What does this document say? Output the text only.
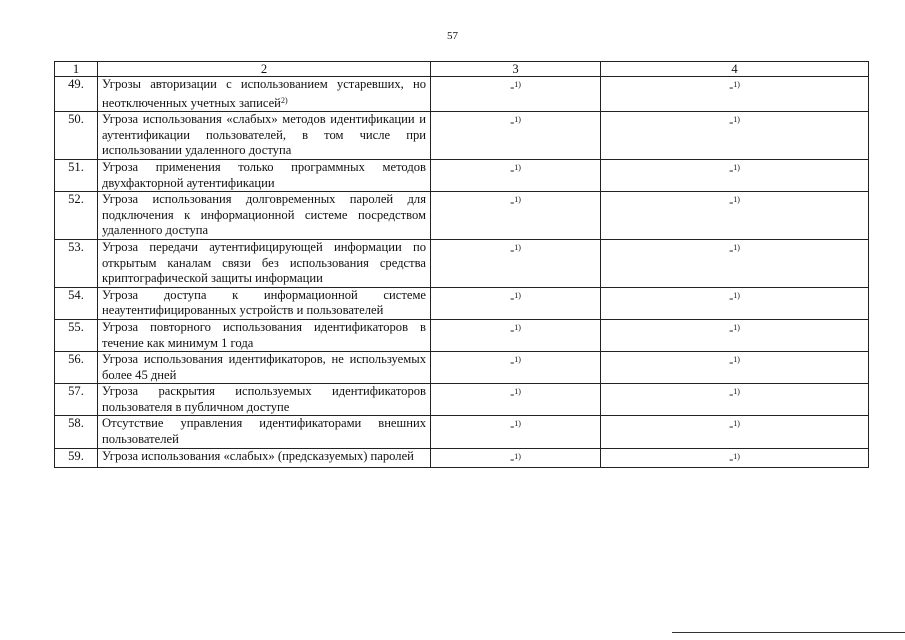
57
1	2	3	4
49.	Угрозы авторизации с использованием устаревших, но неотключенных учетных записей$^{2)}$	-$^{1)}$	-$^{1)}$
50.	Угроза использования «слабых» методов идентификации и аутентификации пользователей, в том числе при использовании удаленного доступа	-$^{1)}$	-$^{1)}$
51.	Угроза применения только программных методов двухфакторной аутентификации	-$^{1)}$	-$^{1)}$
52.	Угроза использования долговременных паролей для подключения к информационной системе посредством удаленного доступа	-$^{1)}$	-$^{1)}$
53.	Угроза передачи аутентифицирующей информации по открытым каналам связи без использования средства криптографической защиты информации	-$^{1)}$	-$^{1)}$
54.	Угроза доступа к информационной системе неаутентифицированных устройств и пользователей	-$^{1)}$	-$^{1)}$
55.	Угроза повторного использования идентификаторов в течение как минимум 1 года	-$^{1)}$	-$^{1)}$
56.	Угроза использования идентификаторов, не используемых более 45 дней	-$^{1)}$	-$^{1)}$
57.	Угроза раскрытия используемых идентификаторов пользователя в публичном доступе	-$^{1)}$	-$^{1)}$
58.	Отсутствие управления идентификаторами внешних пользователей	-$^{1)}$	-$^{1)}$
59.	Угроза использования «слабых» (предсказуемых) паролей	-$^{1)}$	-$^{1)}$
